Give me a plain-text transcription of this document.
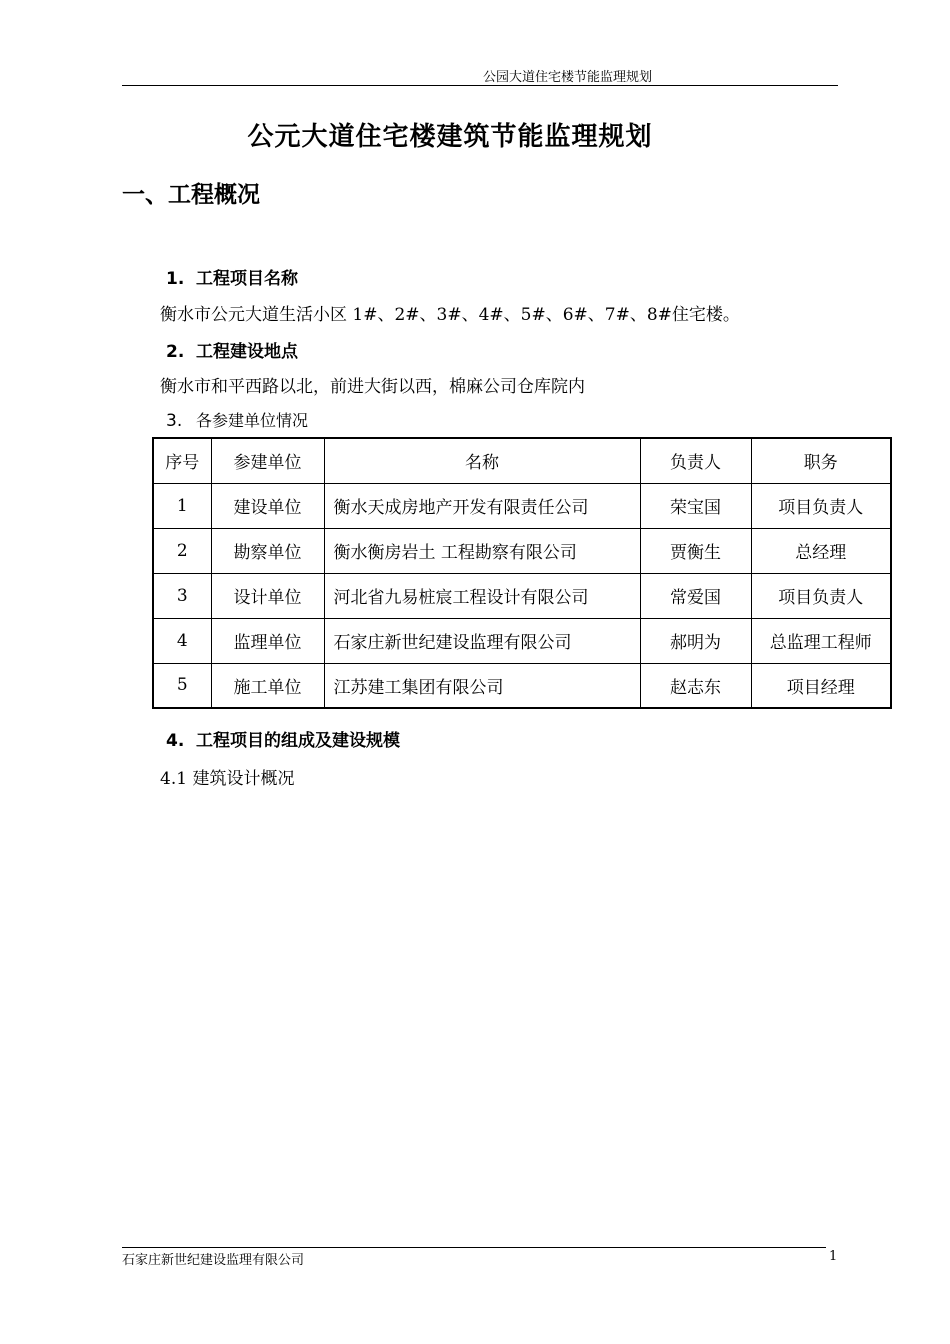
公园大道住宅楼节能监理规划
公元大道住宅楼建筑节能监理规划
一、工程概况
1. 工程项目名称
衡水市公元大道生活小区 1#、2#、3#、4#、5#、6#、7#、8#住宅楼。
2. 工程建设地点
衡水市和平西路以北，前进大街以西，棉麻公司仓库院内
3. 各参建单位情况
序号	参建单位	名称	负责人	职务
1	建设单位	衡水天成房地产开发有限责任公司	荣宝国	项目负责人
2	勘察单位	衡水衡房岩土 工程勘察有限公司	贾衡生	总经理
3	设计单位	河北省九易桩宸工程设计有限公司	常爱国	项目负责人
4	监理单位	石家庄新世纪建设监理有限公司	郝明为	总监理工程师
5	施工单位	江苏建工集团有限公司	赵志东	项目经理
4. 工程项目的组成及建设规模
4.1 建筑设计概况
石家庄新世纪建设监理有限公司	1
